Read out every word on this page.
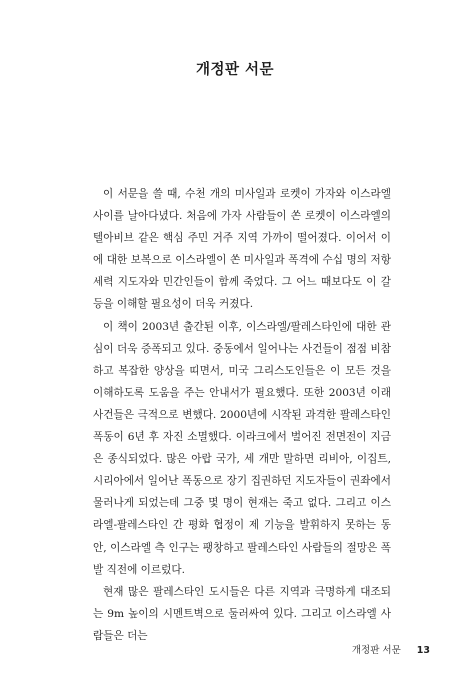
개정판 서문

이 서문을 쓸 때, 수천 개의 미사일과 로켓이 가자와 이스라엘 사이를 날아다녔다. 처음에 가자 사람들이 쏜 로켓이 이스라엘의 텔아비브 같은 핵심 주민 거주 지역 가까이 떨어졌다. 이어서 이에 대한 보복으로 이스라엘이 쏜 미사일과 폭격에 수십 명의 저항 세력 지도자와 민간인들이 함께 죽었다. 그 어느 때보다도 이 갈등을 이해할 필요성이 더욱 커졌다.

이 책이 2003년 출간된 이후, 이스라엘/팔레스타인에 대한 관심이 더욱 증폭되고 있다. 중동에서 일어나는 사건들이 점점 비참하고 복잡한 양상을 띠면서, 미국 그리스도인들은 이 모든 것을 이해하도록 도움을 주는 안내서가 필요했다. 또한 2003년 이래 사건들은 극적으로 변했다. 2000년에 시작된 과격한 팔레스타인 폭동이 6년 후 자진 소멸했다. 이라크에서 벌어진 전면전이 지금은 종식되었다. 많은 아랍 국가, 세 개만 말하면 리비아, 이집트, 시리아에서 일어난 폭동으로 장기 집권하던 지도자들이 권좌에서 물러나게 되었는데 그중 몇 명이 현재는 죽고 없다. 그리고 이스라엘-팔레스타인 간 평화 협정이 제 기능을 발휘하지 못하는 동안, 이스라엘 측 인구는 팽창하고 팔레스타인 사람들의 절망은 폭발 직전에 이르렀다.

현재 많은 팔레스타인 도시들은 다른 지역과 극명하게 대조되는 9m 높이의 시멘트벽으로 둘러싸여 있다. 그리고 이스라엘 사람들은 더는

개정판 서문 13
